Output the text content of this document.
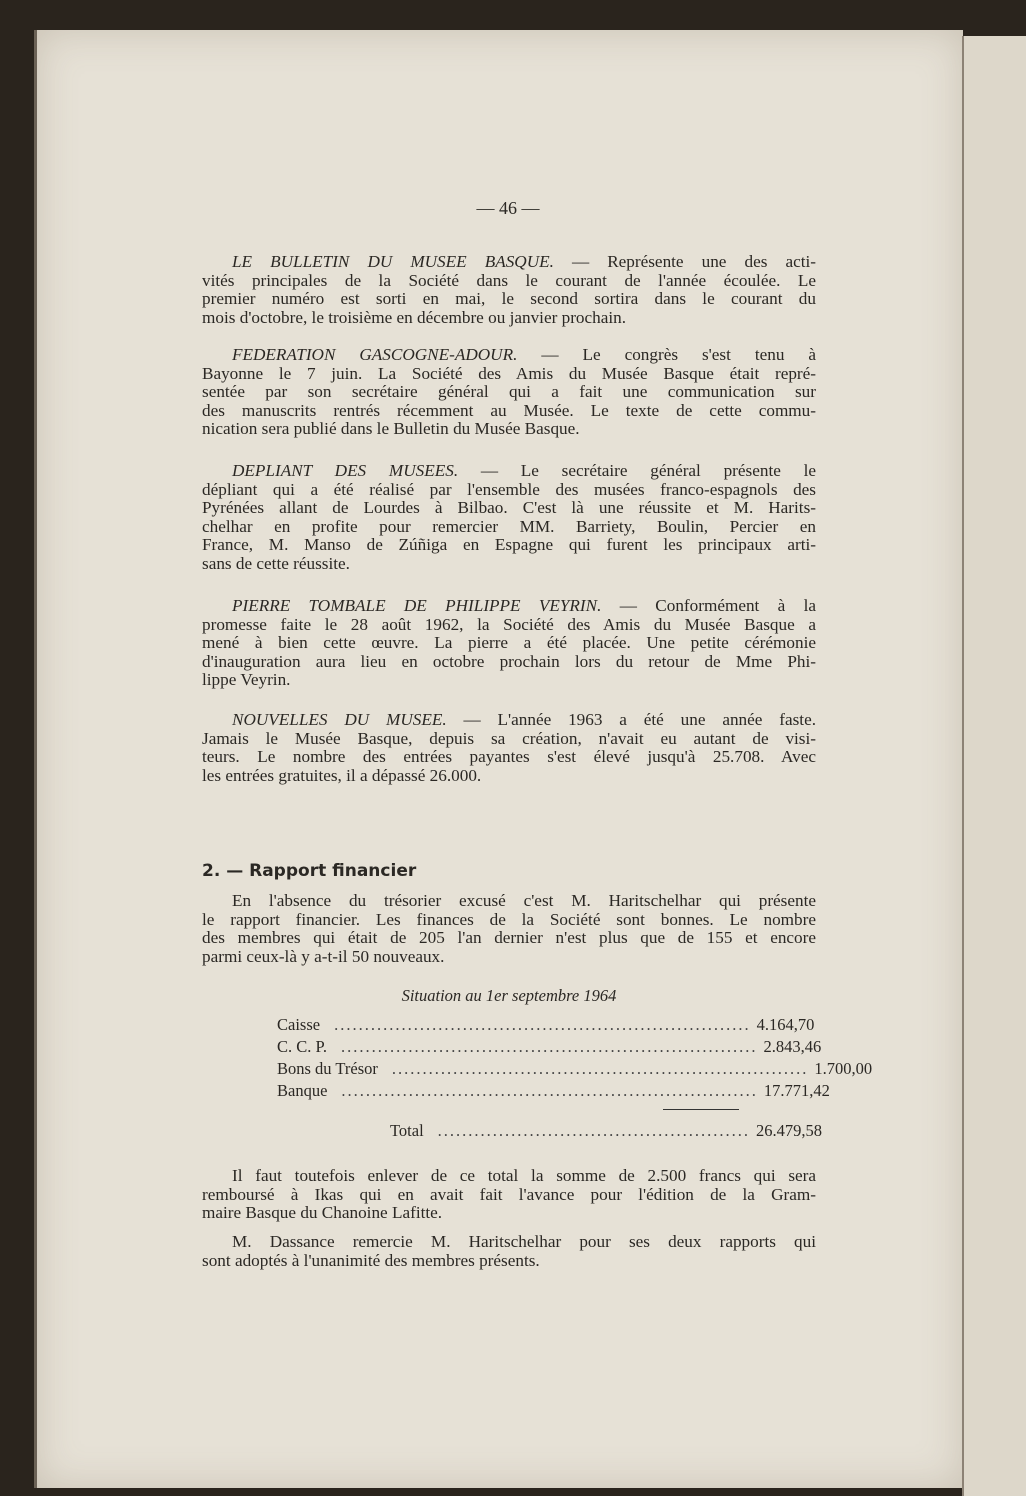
— 46 —
LE BULLETIN DU MUSEE BASQUE. — Représente une des acti-
vités principales de la Société dans le courant de l'année écoulée. Le
premier numéro est sorti en mai, le second sortira dans le courant du
mois d'octobre, le troisième en décembre ou janvier prochain.
FEDERATION GASCOGNE-ADOUR. — Le congrès s'est tenu à
Bayonne le 7 juin. La Société des Amis du Musée Basque était repré-
sentée par son secrétaire général qui a fait une communication sur
des manuscrits rentrés récemment au Musée. Le texte de cette commu-
nication sera publié dans le Bulletin du Musée Basque.
DEPLIANT DES MUSEES. — Le secrétaire général présente le
dépliant qui a été réalisé par l'ensemble des musées franco-espagnols des
Pyrénées allant de Lourdes à Bilbao. C'est là une réussite et M. Harits-
chelhar en profite pour remercier MM. Barriety, Boulin, Percier en
France, M. Manso de Zúñiga en Espagne qui furent les principaux arti-
sans de cette réussite.
PIERRE TOMBALE DE PHILIPPE VEYRIN. — Conformément à la
promesse faite le 28 août 1962, la Société des Amis du Musée Basque a
mené à bien cette œuvre. La pierre a été placée. Une petite cérémonie
d'inauguration aura lieu en octobre prochain lors du retour de Mme Phi-
lippe Veyrin.
NOUVELLES DU MUSEE. — L'année 1963 a été une année faste.
Jamais le Musée Basque, depuis sa création, n'avait eu autant de visi-
teurs. Le nombre des entrées payantes s'est élevé jusqu'à 25.708. Avec
les entrées gratuites, il a dépassé 26.000.
2. — Rapport financier
En l'absence du trésorier excusé c'est M. Haritschelhar qui présente
le rapport financier. Les finances de la Société sont bonnes. Le nombre
des membres qui était de 205 l'an dernier n'est plus que de 155 et encore
parmi ceux-là y a-t-il 50 nouveaux.
Situation au 1er septembre 1964
Caisse .................................................................... 4.164,70
C. C. P. .................................................................... 2.843,46
Bons du Trésor .................................................................... 1.700,00
Banque .................................................................... 17.771,42
Total ................................................... 26.479,58
Il faut toutefois enlever de ce total la somme de 2.500 francs qui sera
remboursé à Ikas qui en avait fait l'avance pour l'édition de la Gram-
maire Basque du Chanoine Lafitte.
M. Dassance remercie M. Haritschelhar pour ses deux rapports qui
sont adoptés à l'unanimité des membres présents.
